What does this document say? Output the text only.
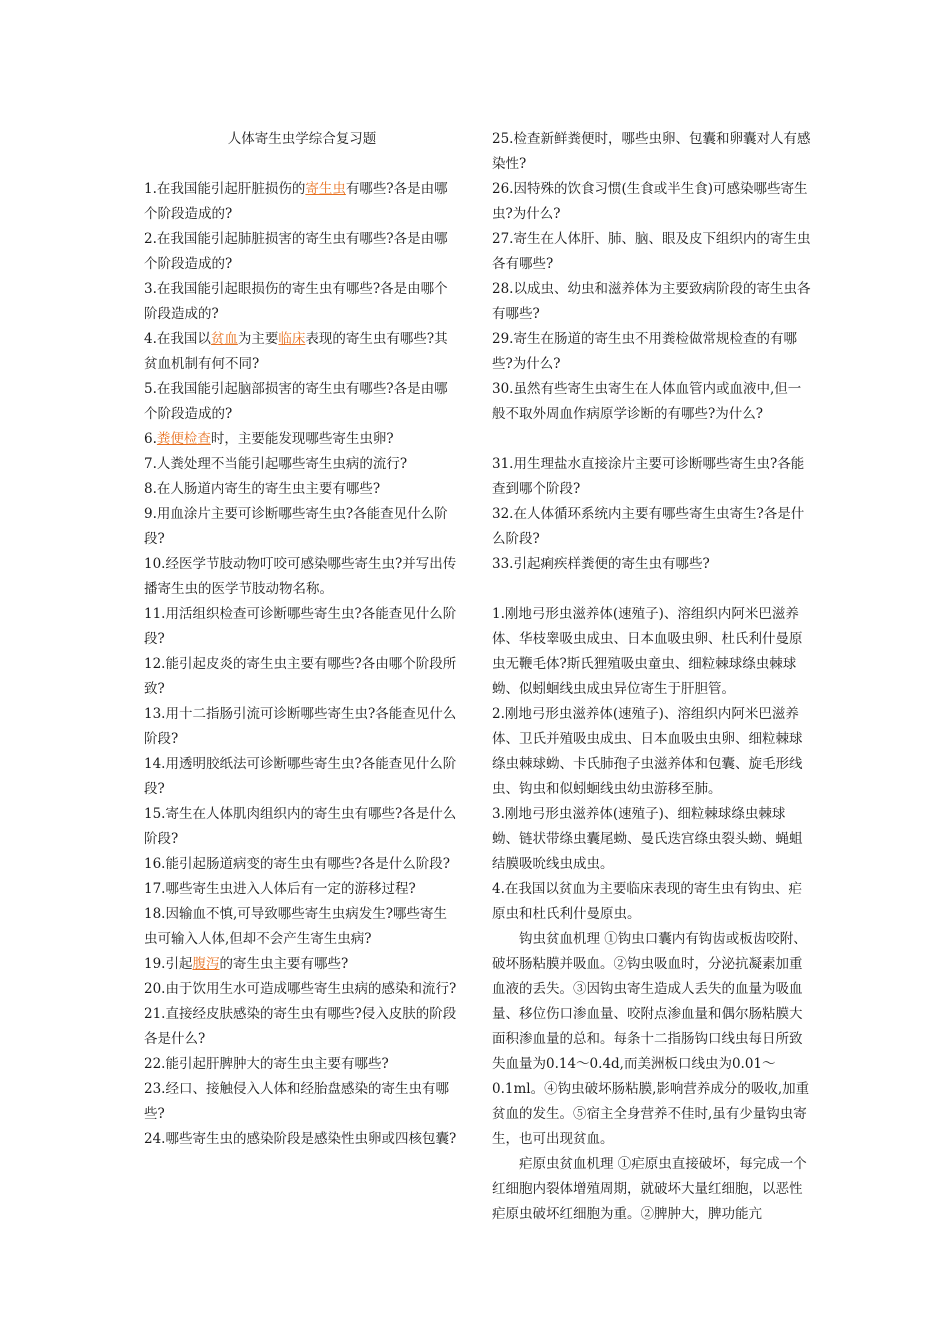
人体寄生虫学综合复习题
1.在我国能引起肝脏损伤的寄生虫有哪些?各是由哪个阶段造成的?
2.在我国能引起肺脏损害的寄生虫有哪些?各是由哪个阶段造成的?
3.在我国能引起眼损伤的寄生虫有哪些?各是由哪个阶段造成的?
4.在我国以贫血为主要临床表现的寄生虫有哪些?其贫血机制有何不同?
5.在我国能引起脑部损害的寄生虫有哪些?各是由哪个阶段造成的?
6.粪便检查时，主要能发现哪些寄生虫卵?
7.人粪处理不当能引起哪些寄生虫病的流行?
8.在人肠道内寄生的寄生虫主要有哪些?
9.用血涂片主要可诊断哪些寄生虫?各能查见什么阶段?
10.经医学节肢动物叮咬可感染哪些寄生虫?并写出传播寄生虫的医学节肢动物名称。
11.用活组织检查可诊断哪些寄生虫?各能查见什么阶段?
12.能引起皮炎的寄生虫主要有哪些?各由哪个阶段所致?
13.用十二指肠引流可诊断哪些寄生虫?各能查见什么阶段?
14.用透明胶纸法可诊断哪些寄生虫?各能查见什么阶段?
15.寄生在人体肌肉组织内的寄生虫有哪些?各是什么阶段?
16.能引起肠道病变的寄生虫有哪些?各是什么阶段?
17.哪些寄生虫进入人体后有一定的游移过程?
18.因输血不慎,可导致哪些寄生虫病发生?哪些寄生虫可输入人体,但却不会产生寄生虫病?
19.引起腹泻的寄生虫主要有哪些?
20.由于饮用生水可造成哪些寄生虫病的感染和流行?
21.直接经皮肤感染的寄生虫有哪些?侵入皮肤的阶段各是什么?
22.能引起肝脾肿大的寄生虫主要有哪些?
23.经口、接触侵入人体和经胎盘感染的寄生虫有哪些?
24.哪些寄生虫的感染阶段是感染性虫卵或四核包囊?
25.检查新鲜粪便时，哪些虫卵、包囊和卵囊对人有感染性?
26.因特殊的饮食习惯(生食或半生食)可感染哪些寄生虫?为什么?
27.寄生在人体肝、肺、脑、眼及皮下组织内的寄生虫各有哪些?
28.以成虫、幼虫和滋养体为主要致病阶段的寄生虫各有哪些?
29.寄生在肠道的寄生虫不用粪检做常规检查的有哪些?为什么?
30.虽然有些寄生虫寄生在人体血管内或血液中,但一般不取外周血作病原学诊断的有哪些?为什么?
31.用生理盐水直接涂片主要可诊断哪些寄生虫?各能查到哪个阶段?
32.在人体循环系统内主要有哪些寄生虫寄生?各是什么阶段?
33.引起痢疾样粪便的寄生虫有哪些?
1.刚地弓形虫滋养体(速殖子)、溶组织内阿米巴滋养体、华枝睾吸虫成虫、日本血吸虫卵、杜氏利什曼原虫无鞭毛体?斯氏狸殖吸虫童虫、细粒棘球绦虫棘球蚴、似蚓蛔线虫成虫异位寄生于肝胆管。
2.刚地弓形虫滋养体(速殖子)、溶组织内阿米巴滋养体、卫氏并殖吸虫成虫、日本血吸虫虫卵、细粒棘球绦虫棘球蚴、卡氏肺孢子虫滋养体和包囊、旋毛形线虫、钩虫和似蚓蛔线虫幼虫游移至肺。
3.刚地弓形虫滋养体(速殖子)、细粒棘球绦虫棘球蚴、链状带绦虫囊尾蚴、曼氏迭宫绦虫裂头蚴、蝇蛆结膜吸吮线虫成虫。
4.在我国以贫血为主要临床表现的寄生虫有钩虫、疟原虫和杜氏利什曼原虫。
钩虫贫血机理 ①钩虫口囊内有钩齿或板齿咬附、破坏肠粘膜并吸血。②钩虫吸血时，分泌抗凝素加重血液的丢失。③因钩虫寄生造成人丢失的血量为吸血量、移位伤口渗血量、咬附点渗血量和偶尔肠粘膜大面积渗血量的总和。每条十二指肠钩口线虫每日所致失血量为0.14～0.4d,而美洲板口线虫为0.01～0.1ml。④钩虫破坏肠粘膜,影响营养成分的吸收,加重贫血的发生。⑤宿主全身营养不佳时,虽有少量钩虫寄生，也可出现贫血。
疟原虫贫血机理 ①疟原虫直接破坏，每完成一个红细胞内裂体增殖周期，就破坏大量红细胞，以恶性疟原虫破坏红细胞为重。②脾肿大，脾功能亢
